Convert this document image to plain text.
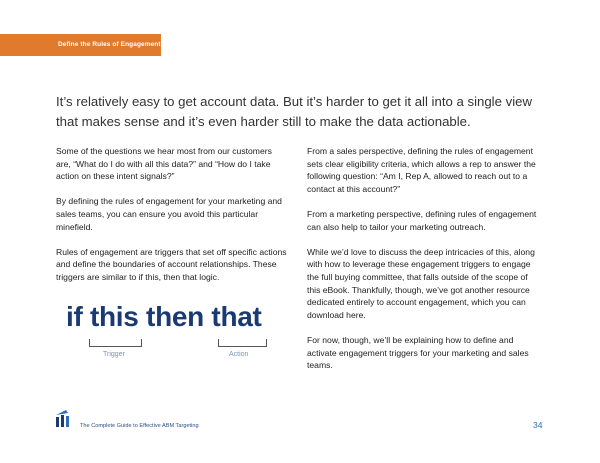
Define the Rules of Engagement
It’s relatively easy to get account data. But it’s harder to get it all into a single view that makes sense and it’s even harder still to make the data actionable.

Some of the questions we hear most from our customers are, “What do I do with all this data?” and “How do I take action on these intent signals?”

By defining the rules of engagement for your marketing and sales teams, you can ensure you avoid this particular minefield.

Rules of engagement are triggers that set off specific actions and define the boundaries of account relationships. These triggers are similar to if this, then that logic.

if this then that
Trigger	Action

From a sales perspective, defining the rules of engagement sets clear eligibility criteria, which allows a rep to answer the following question: “Am I, Rep A, allowed to reach out to a contact at this account?”

From a marketing perspective, defining rules of engagement can also help to tailor your marketing outreach.

While we’d love to discuss the deep intricacies of this, along with how to leverage these engagement triggers to engage the full buying committee, that falls outside of the scope of this eBook. Thankfully, though, we’ve got another resource dedicated entirely to account engagement, which you can download here.

For now, though, we’ll be explaining how to define and activate engagement triggers for your marketing and sales teams.

The Complete Guide to Effective ABM Targeting	34
